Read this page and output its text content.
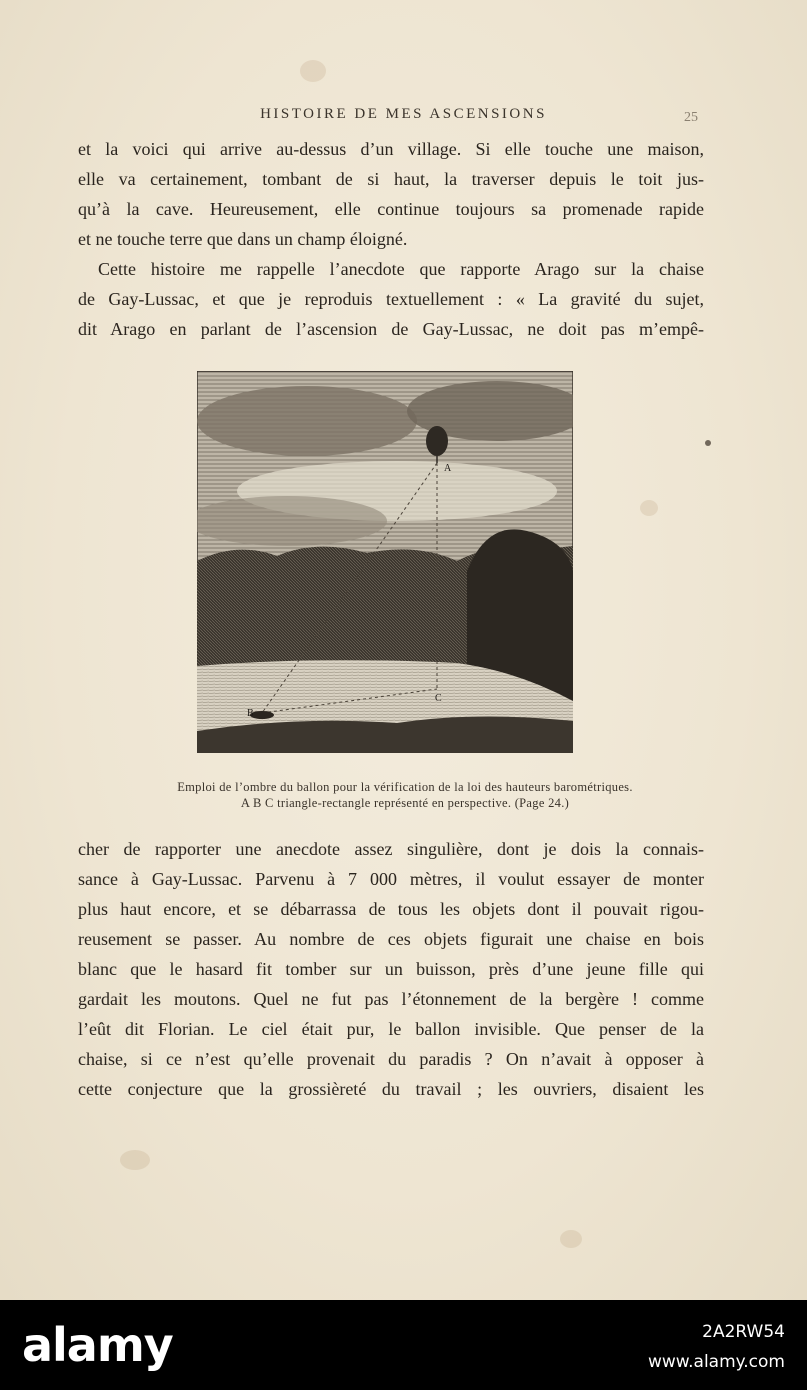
HISTOIRE DE MES ASCENSIONS	25
et la voici qui arrive au-dessus d’un village. Si elle touche une maison,
elle va certainement, tombant de si haut, la traverser depuis le toit jus-
qu’à la cave. Heureusement, elle continue toujours sa promenade rapide
et ne touche terre que dans un champ éloigné.
Cette histoire me rappelle l’anecdote que rapporte Arago sur la chaise
de Gay-Lussac, et que je reproduis textuellement : « La gravité du sujet,
dit Arago en parlant de l’ascension de Gay-Lussac, ne doit pas m’empê-
A
B
C
Emploi de l’ombre du ballon pour la vérification de la loi des hauteurs barométriques.
A B C triangle-rectangle représenté en perspective. (Page 24.)
cher de rapporter une anecdote assez singulière, dont je dois la connais-
sance à Gay-Lussac. Parvenu à 7 000 mètres, il voulut essayer de monter
plus haut encore, et se débarrassa de tous les objets dont il pouvait rigou-
reusement se passer. Au nombre de ces objets figurait une chaise en bois
blanc que le hasard fit tomber sur un buisson, près d’une jeune fille qui
gardait les moutons. Quel ne fut pas l’étonnement de la bergère ! comme
l’eût dit Florian. Le ciel était pur, le ballon invisible. Que penser de la
chaise, si ce n’est qu’elle provenait du paradis ? On n’avait à opposer à
cette conjecture que la grossièreté du travail ; les ouvriers, disaient les
alamy	2A2RW54
www.alamy.com
